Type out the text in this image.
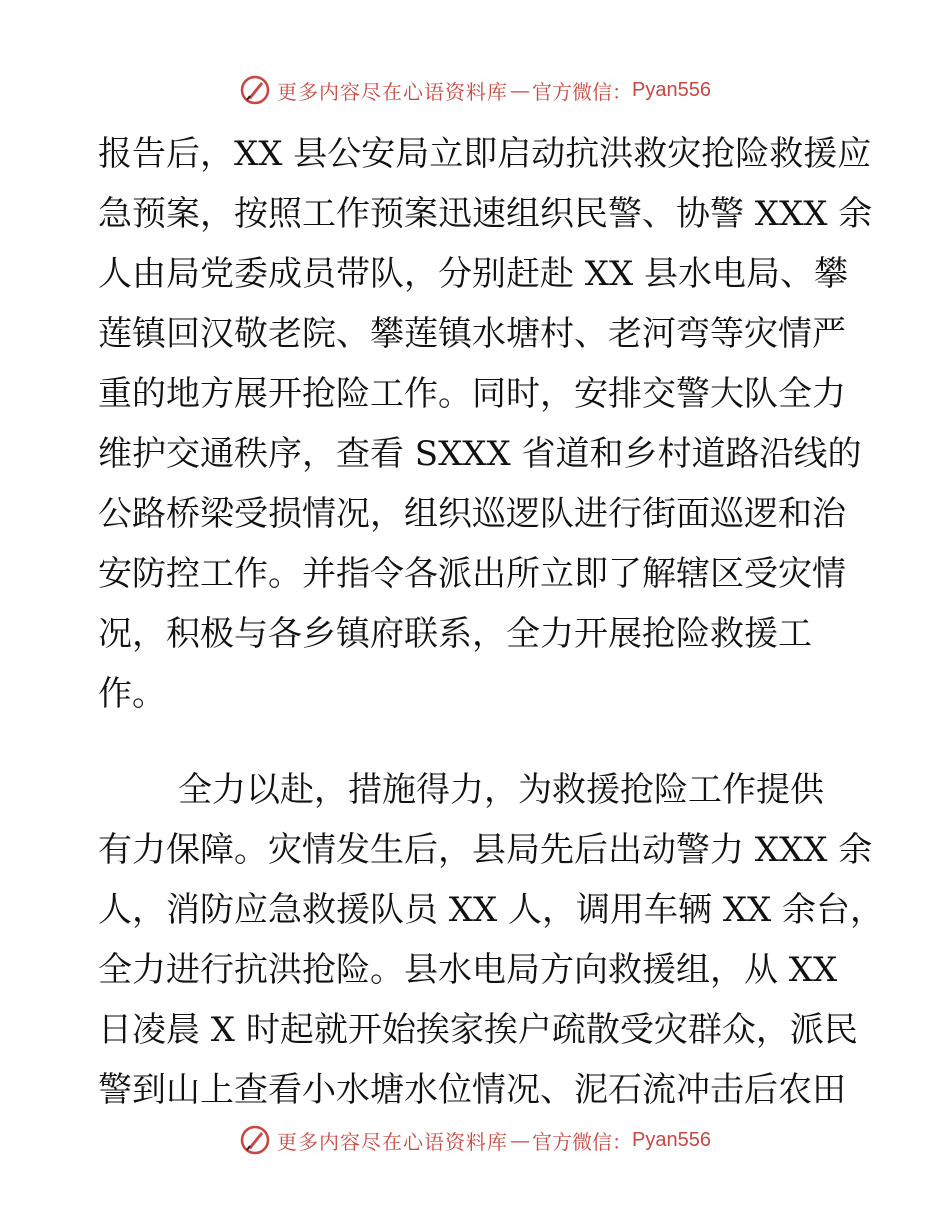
更多内容尽在心语资料库 — 官方微信： Pyan556
报告后，XX 县公安局立即启动抗洪救灾抢险救援应
急预案，按照工作预案迅速组织民警、协警 XXX 余
人由局党委成员带队，分别赶赴 XX 县水电局、攀
莲镇回汉敬老院、攀莲镇水塘村、老河弯等灾情严
重的地方展开抢险工作。同时，安排交警大队全力
维护交通秩序，查看 SXXX 省道和乡村道路沿线的
公路桥梁受损情况，组织巡逻队进行街面巡逻和治
安防控工作。并指令各派出所立即了解辖区受灾情
况，积极与各乡镇府联系，全力开展抢险救援工
作。
全力以赴，措施得力，为救援抢险工作提供
有力保障。灾情发生后，县局先后出动警力 XXX 余
人，消防应急救援队员 XX 人，调用车辆 XX 余台，
全力进行抗洪抢险。县水电局方向救援组，从 XX
日凌晨 X 时起就开始挨家挨户疏散受灾群众，派民
警到山上查看小水塘水位情况、泥石流冲击后农田
更多内容尽在心语资料库 — 官方微信： Pyan556
